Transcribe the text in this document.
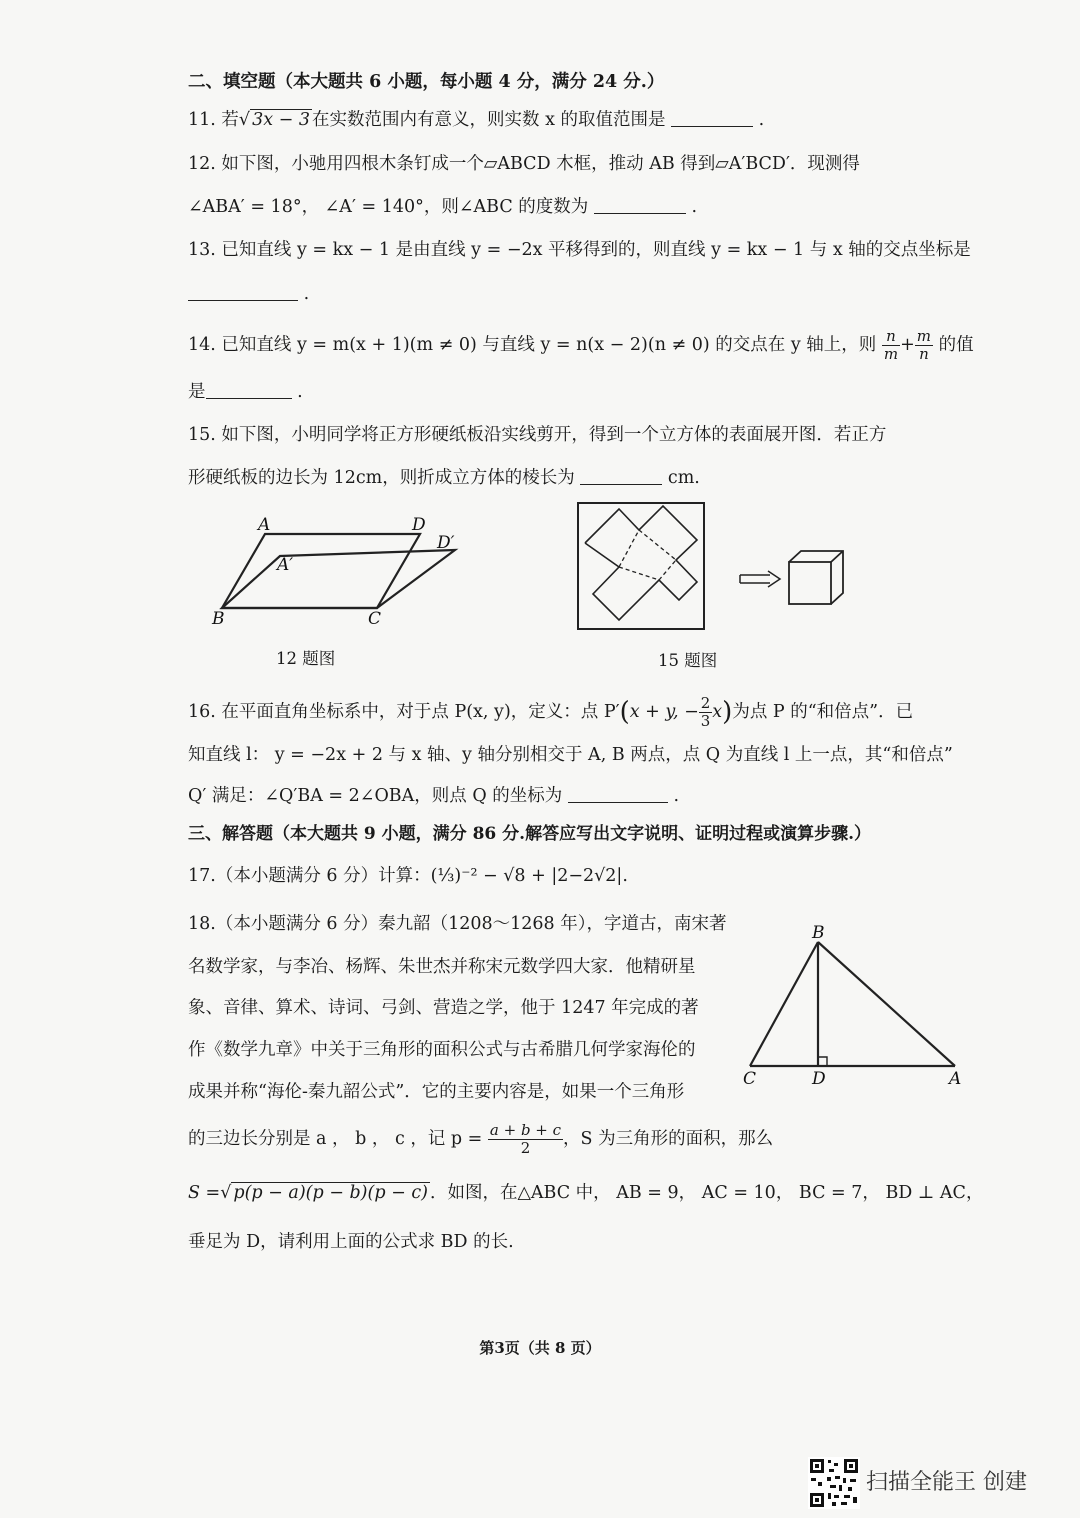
二、填空题（本大题共 6 小题，每小题 4 分，满分 24 分.）
11. 若√ 3x − 3 在实数范围内有意义，则实数 x 的取值范围是	.
12. 如下图，小驰用四根木条钉成一个▱ABCD 木框，推动 AB 得到▱A′BCD′．现测得
∠ABA′ = 18°， ∠A′ = 140°，则∠ABC 的度数为	.
13. 已知直线 y = kx − 1 是由直线 y = −2x 平移得到的，则直线 y = kx − 1 与 x 轴的交点坐标是
.
14. 已知直线 y = m(x + 1)(m ≠ 0) 与直线 y = n(x − 2)(n ≠ 0) 的交点在 y 轴上，则 $\frac{n}{m} + \frac{m}{n}$ 的值
是	.
15. 如下图，小明同学将正方形硬纸板沿实线剪开，得到一个立方体的表面展开图．若正方
形硬纸板的边长为 12cm，则折成立方体的棱长为	cm.
A	D
D′
A′
B	C
12 题图	15 题图
16. 在平面直角坐标系中，对于点 P(x, y)，定义：点 P′(x + y, − $\frac{2}{3} x$)为点 P 的“和倍点”．已
知直线 l： y = −2x + 2 与 x 轴、y 轴分别相交于 A, B 两点，点 Q 为直线 l 上一点，其“和倍点”
Q′ 满足：∠Q′BA = 2∠OBA，则点 Q 的坐标为	.
三、解答题（本大题共 9 小题，满分 86 分.解答应写出文字说明、证明过程或演算步骤.）
17.（本小题满分 6 分）计算：(⅓)⁻² − √8 + |2−2√2|.
18.（本小题满分 6 分）秦九韶（1208～1268 年），字道古，南宋著
名数学家，与李冶、杨辉、朱世杰并称宋元数学四大家．他精研星
象、音律、算术、诗词、弓剑、营造之学，他于 1247 年完成的著
作《数学九章》中关于三角形的面积公式与古希腊几何学家海伦的
成果并称“海伦-秦九韶公式”．它的主要内容是，如果一个三角形
的三边长分别是 a ， b ， c ，记 $p = \frac{a + b + c}{2}$ ，S 为三角形的面积，那么
S =√ p(p − a)(p − b)(p − c) ．如图，在△ABC 中， AB = 9， AC = 10， BC = 7， BD ⊥ AC，
垂足为 D，请利用上面的公式求 BD 的长.
B
C	D	A
第3页（共 8 页）
扫描全能王 创建
